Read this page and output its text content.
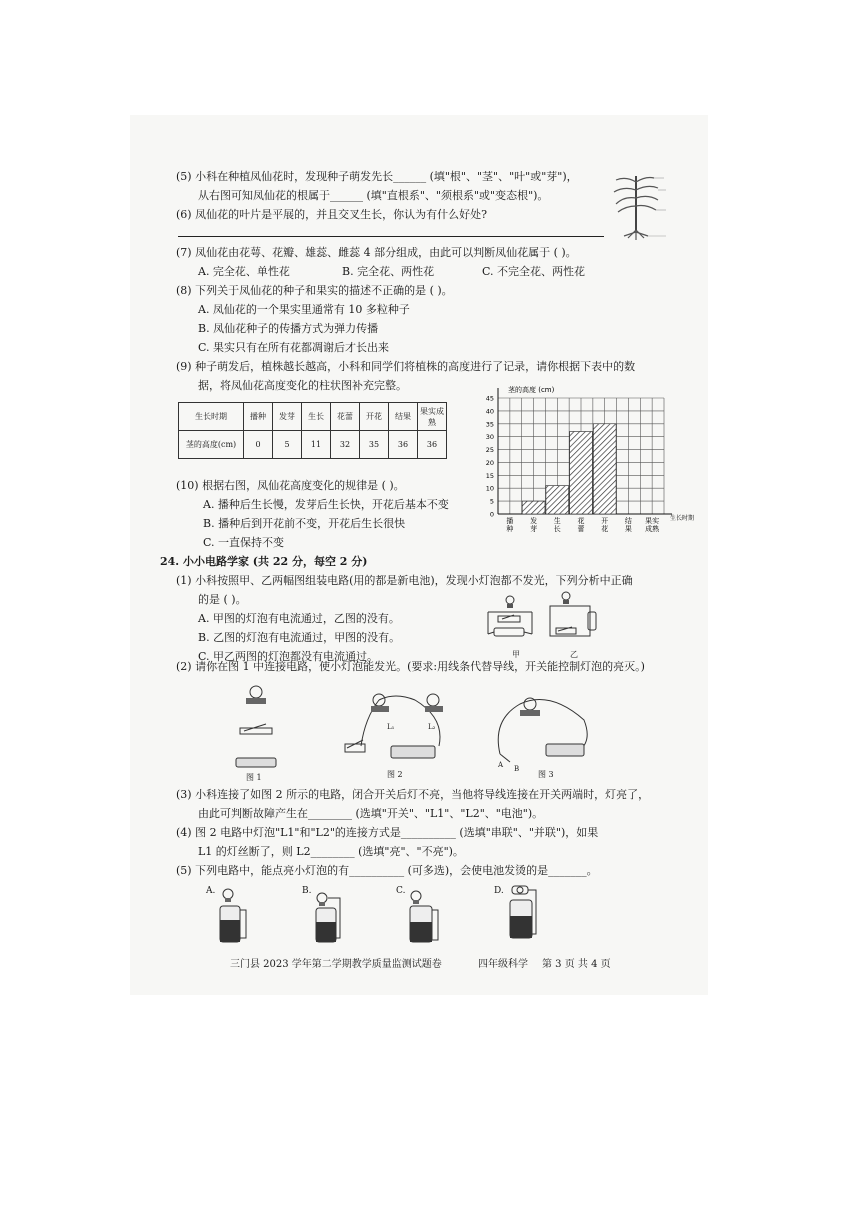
(5) 小科在种植凤仙花时，发现种子萌发先长______ (填"根"、"茎"、"叶"或"芽")，
从右图可知凤仙花的根属于______ (填"直根系"、"须根系"或"变态根")。
(6) 凤仙花的叶片是平展的，并且交叉生长，你认为有什么好处?
(7) 凤仙花由花萼、花瓣、雄蕊、雌蕊 4 部分组成，由此可以判断凤仙花属于 ( )。
A. 完全花、单性花	B. 完全花、两性花	C. 不完全花、两性花
(8) 下列关于凤仙花的种子和果实的描述不正确的是 ( )。
A. 凤仙花的一个果实里通常有 10 多粒种子
B. 凤仙花种子的传播方式为弹力传播
C. 果实只有在所有花都凋谢后才长出来
(9) 种子萌发后，植株越长越高，小科和同学们将植株的高度进行了记录，请你根据下表中的数
据，将凤仙花高度变化的柱状图补充完整。
生长时期	播种	发芽	生长	花蕾	开花	结果	果实成熟
茎的高度(cm)	0	5	11	32	35	36	36
茎的高度 (cm)
0
5
10
15
20
25
30
35
40
45
播种
发芽
生长
花蕾
开花
结果
果实成熟
生长时期
(10) 根据右图，凤仙花高度变化的规律是 ( )。
A. 播种后生长慢，发芽后生长快，开花后基本不变
B. 播种后到开花前不变，开花后生长很快
C. 一直保持不变
24. 小小电路学家 (共 22 分，每空 2 分)
(1) 小科按照甲、乙两幅图组装电路(用的都是新电池)，发现小灯泡都不发光，下列分析中正确
的是 ( )。
A. 甲图的灯泡有电流通过，乙图的没有。
B. 乙图的灯泡有电流通过，甲图的没有。
C. 甲乙两图的灯泡都没有电流通过。	甲	乙
(2) 请你在图 1 中连接电路，使小灯泡能发光。(要求:用线条代替导线，开关能控制灯泡的亮灭。)
图 1
L₁	L₂
图 2
A B
图 3
(3) 小科连接了如图 2 所示的电路，闭合开关后灯不亮，当他将导线连接在开关两端时，灯亮了，
由此可判断故障产生在________ (选填"开关"、"L1"、"L2"、"电池")。
(4) 图 2 电路中灯泡"L1"和"L2"的连接方式是__________ (选填"串联"、"并联")，如果
L1 的灯丝断了，则 L2________ (选填"亮"、"不亮")。
(5) 下列电路中，能点亮小灯泡的有__________ (可多选)，会使电池发烫的是_______。
A.	B.	C.	D.
三门县 2023 学年第二学期教学质量监测试题卷	四年级科学 第 3 页 共 4 页
